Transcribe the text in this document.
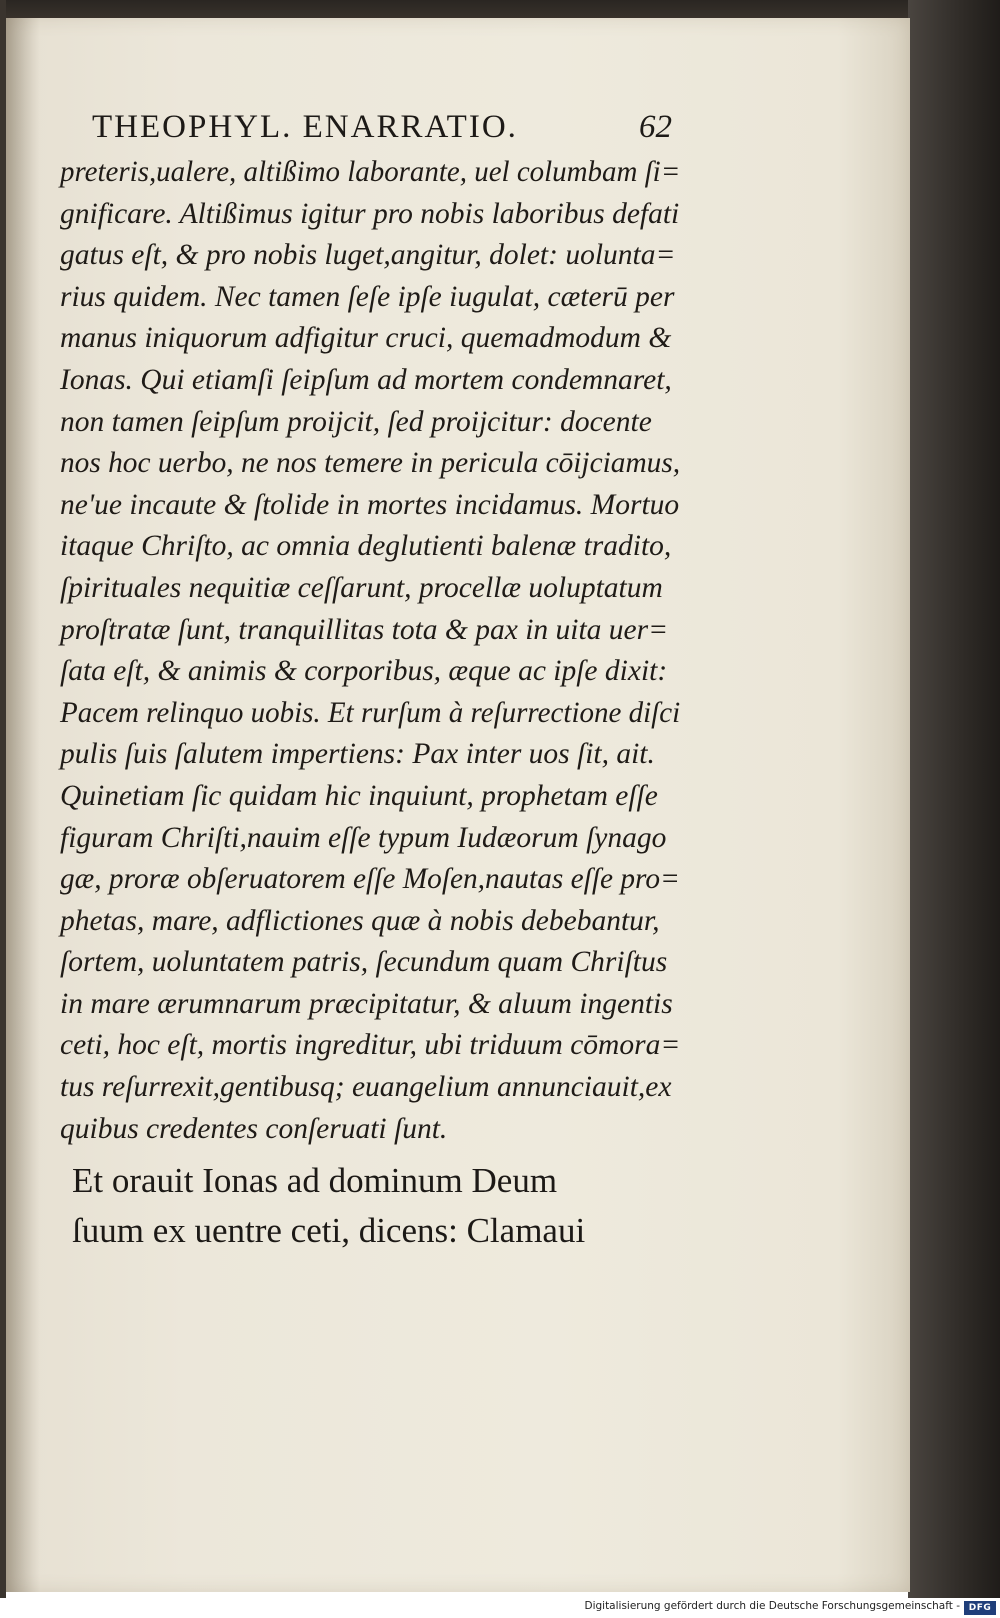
THEOPHYL. ENARRATIO.	62
preteris,ualere, altißimo laborante, uel columbam ſi=
gnificare. Altißimus igitur pro nobis laboribus defati
gatus eſt, & pro nobis luget,angitur, dolet: uolunta=
rius quidem. Nec tamen ſeſe ipſe iugulat, cæterū per
manus iniquorum adfigitur cruci, quemadmodum &
Ionas. Qui etiamſi ſeipſum ad mortem condemnaret,
non tamen ſeipſum proijcit, ſed proijcitur: docente
nos hoc uerbo, ne nos temere in pericula cōijciamus,
ne'ue incaute & ſtolide in mortes incidamus. Mortuo
itaque Chriſto, ac omnia deglutienti balenæ tradito,
ſpirituales nequitiæ ceſſarunt, procellæ uoluptatum
proſtratæ ſunt, tranquillitas tota & pax in uita uer=
ſata eſt, & animis & corporibus, æque ac ipſe dixit:
Pacem relinquo uobis. Et rurſum à reſurrectione diſci
pulis ſuis ſalutem impertiens: Pax inter uos ſit, ait.
Quinetiam ſic quidam hic inquiunt, prophetam eſſe
figuram Chriſti,nauim eſſe typum Iudæorum ſynago
gæ, proræ obſeruatorem eſſe Moſen,nautas eſſe pro=
phetas, mare, adflictiones quæ à nobis debebantur,
ſortem, uoluntatem patris, ſecundum quam Chriſtus
in mare ærumnarum præcipitatur, & aluum ingentis
ceti, hoc eſt, mortis ingreditur, ubi triduum cōmora=
tus reſurrexit,gentibusq; euangelium annunciauit,ex
quibus credentes conſeruati ſunt.
Et orauit Ionas ad dominum Deum
ſuum ex uentre ceti, dicens: Clamaui
Digitalisierung gefördert durch die Deutsche Forschungsgemeinschaft - DFG
